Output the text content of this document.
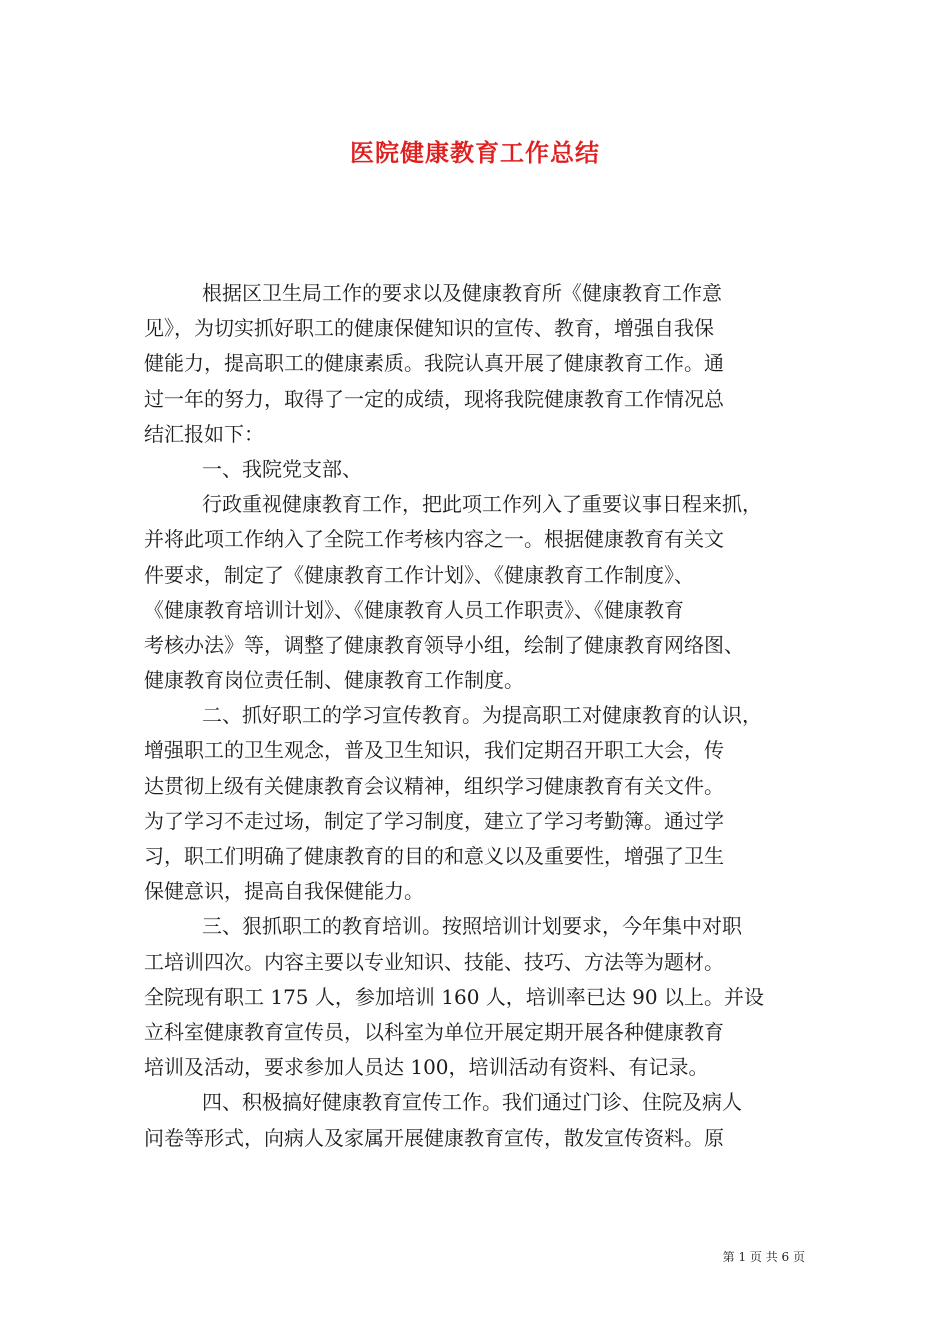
医院健康教育工作总结
根据区卫生局工作的要求以及健康教育所《健康教育工作意
见》，为切实抓好职工的健康保健知识的宣传、教育，增强自我保
健能力，提高职工的健康素质。我院认真开展了健康教育工作。通
过一年的努力，取得了一定的成绩，现将我院健康教育工作情况总
结汇报如下：
一、我院党支部、
行政重视健康教育工作，把此项工作列入了重要议事日程来抓，
并将此项工作纳入了全院工作考核内容之一。根据健康教育有关文
件要求，制定了《健康教育工作计划》、《健康教育工作制度》、
《健康教育培训计划》、《健康教育人员工作职责》、《健康教育
考核办法》等，调整了健康教育领导小组，绘制了健康教育网络图、
健康教育岗位责任制、健康教育工作制度。
二、抓好职工的学习宣传教育。为提高职工对健康教育的认识，
增强职工的卫生观念，普及卫生知识，我们定期召开职工大会，传
达贯彻上级有关健康教育会议精神，组织学习健康教育有关文件。
为了学习不走过场，制定了学习制度，建立了学习考勤簿。通过学
习，职工们明确了健康教育的目的和意义以及重要性，增强了卫生
保健意识，提高自我保健能力。
三、狠抓职工的教育培训。按照培训计划要求，今年集中对职
工培训四次。内容主要以专业知识、技能、技巧、方法等为题材。
全院现有职工 175 人，参加培训 160 人，培训率已达 90 以上。并设
立科室健康教育宣传员，以科室为单位开展定期开展各种健康教育
培训及活动，要求参加人员达 100，培训活动有资料、有记录。
四、积极搞好健康教育宣传工作。我们通过门诊、住院及病人
问卷等形式，向病人及家属开展健康教育宣传，散发宣传资料。原
第 1 页 共 6 页
